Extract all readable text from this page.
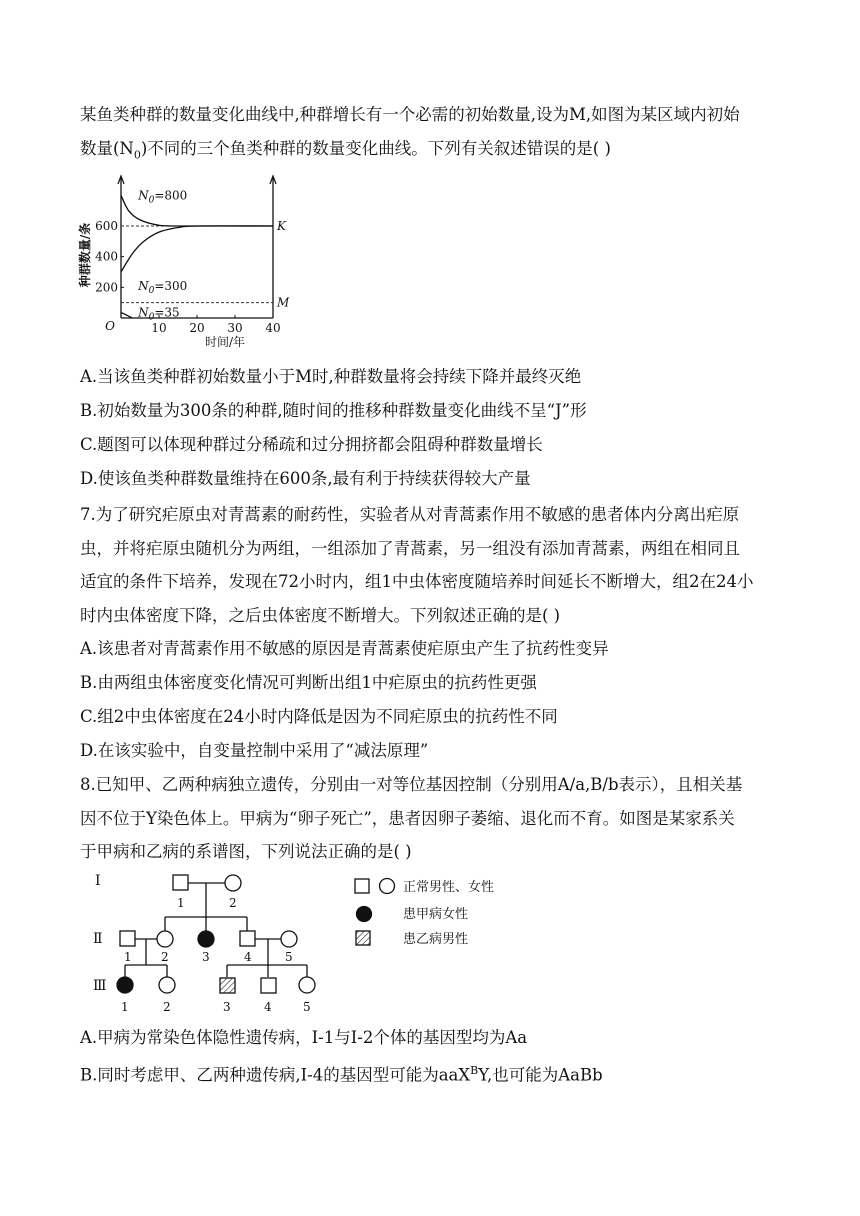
某鱼类种群的数量变化曲线中,种群增长有一个必需的初始数量,设为M,如图为某区域内初始
数量$(N_0)$不同的三个鱼类种群的数量变化曲线。下列有关叙述错误的是( )
200
400
600
10 20 30 40
O
时间/年
种群数量/条	K
M
$N_0=800$
$N_0=300$
$N_0=35$
A.当该鱼类种群初始数量小于M时,种群数量将会持续下降并最终灭绝
B.初始数量为300条的种群,随时间的推移种群数量变化曲线不呈“J”形
C.题图可以体现种群过分稀疏和过分拥挤都会阻碍种群数量增长
D.使该鱼类种群数量维持在600条,最有利于持续获得较大产量
7.为了研究疟原虫对青蒿素的耐药性，实验者从对青蒿素作用不敏感的患者体内分离出疟原
虫，并将疟原虫随机分为两组，一组添加了青蒿素，另一组没有添加青蒿素，两组在相同且
适宜的条件下培养，发现在72小时内，组1中虫体密度随培养时间延长不断增大，组2在24小
时内虫体密度下降，之后虫体密度不断增大。下列叙述正确的是( )
A.该患者对青蒿素作用不敏感的原因是青蒿素使疟原虫产生了抗药性变异
B.由两组虫体密度变化情况可判断出组1中疟原虫的抗药性更强
C.组2中虫体密度在24小时内降低是因为不同疟原虫的抗药性不同
D.在该实验中，自变量控制中采用了“减法原理”
8.已知甲、乙两种病独立遗传，分别由一对等位基因控制（分别用A/a,B/b表示），且相关基
因不位于Y染色体上。甲病为“卵子死亡”，患者因卵子萎缩、退化而不育。如图是某家系关
于甲病和乙病的系谱图，下列说法正确的是( )
I
Ⅱ
Ⅲ
1	2
1 2	3	4	5
1	2	3	4	5
正常男性、女性
患甲病女性
患乙病男性
A.甲病为常染色体隐性遗传病，I-1与I-2个体的基因型均为Aa
B.同时考虑甲、乙两种遗传病,I-4的基因型可能为aaX$^B$Y,也可能为AaBb
